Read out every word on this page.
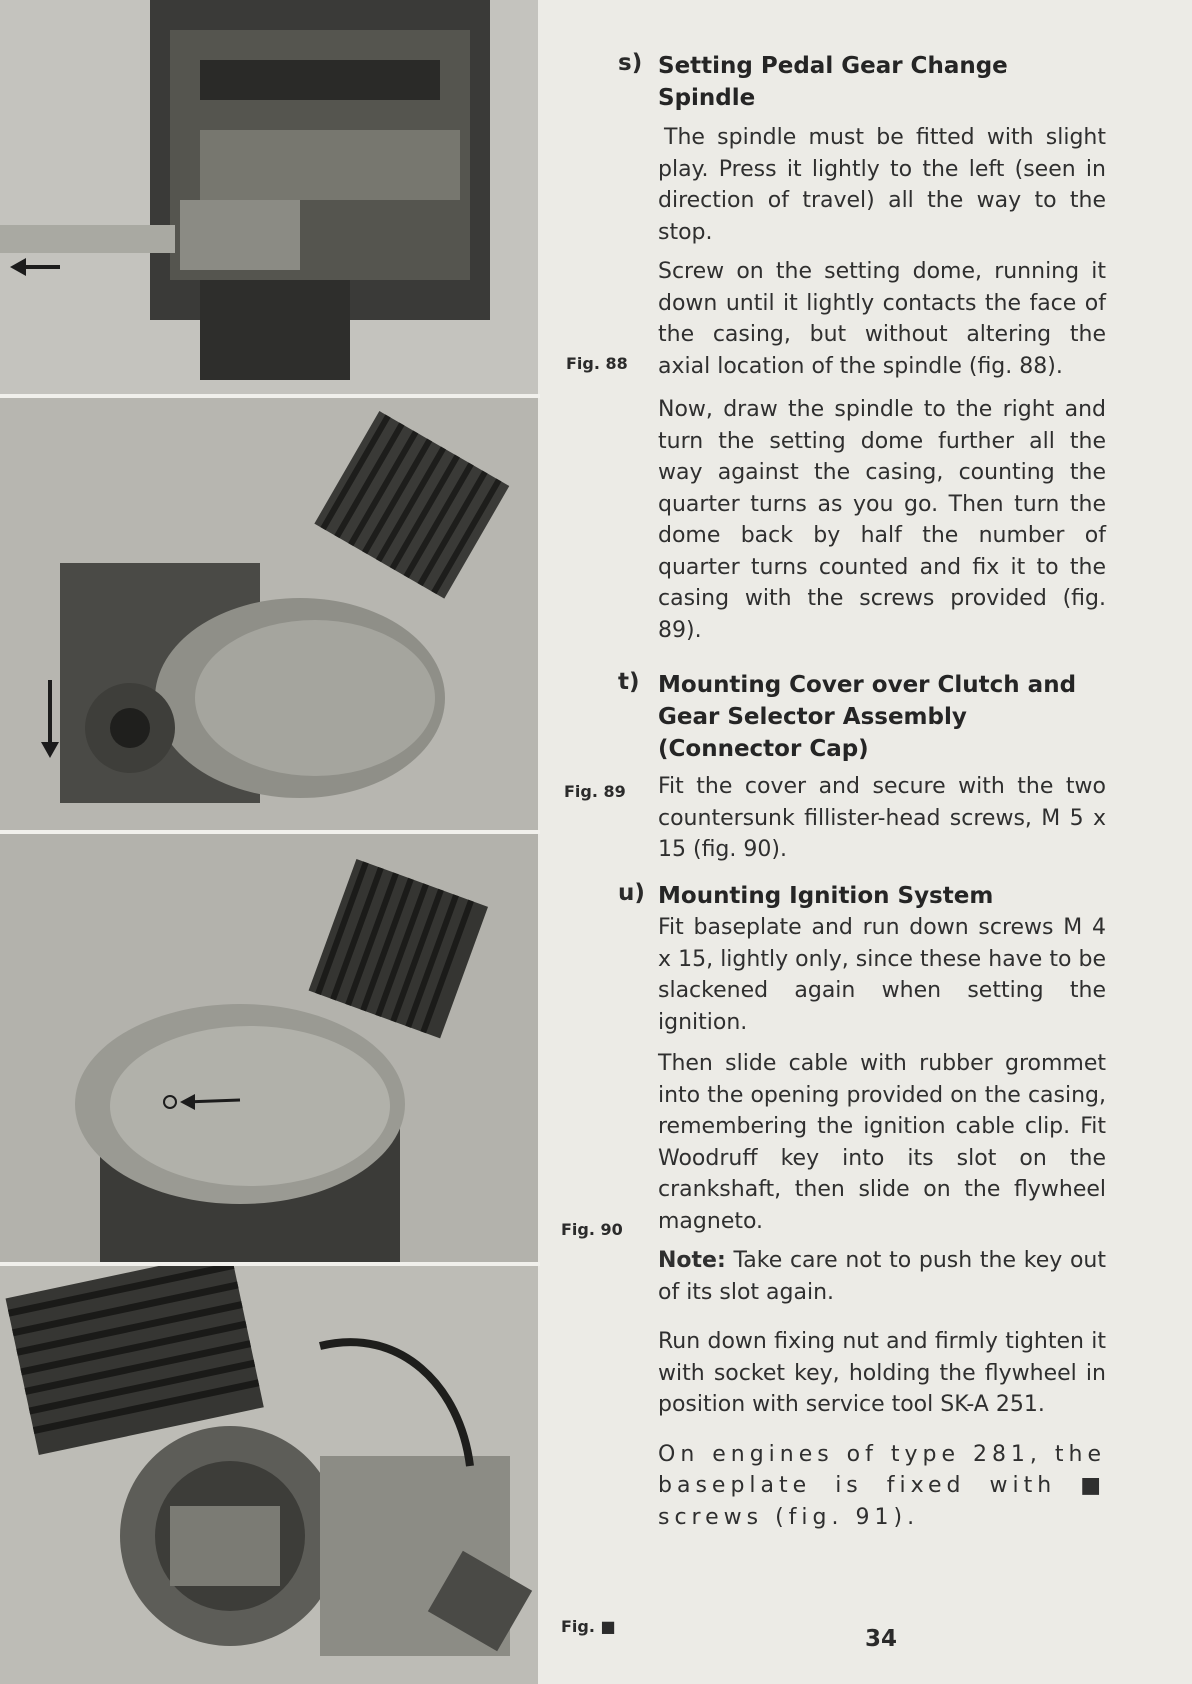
Fig. 88
Fig. 89
Fig. 90
Fig. ■
s) Setting Pedal Gear Change Spindle

The spindle must be fitted with slight play. Press it lightly to the left (seen in direction of travel) all the way to the stop.

Screw on the setting dome, running it down until it lightly contacts the face of the casing, but without altering the axial location of the spindle (fig. 88).

Now, draw the spindle to the right and turn the setting dome further all the way against the casing, counting the quarter turns as you go. Then turn the dome back by half the number of quarter turns counted and fix it to the casing with the screws provided (fig. 89).

t) Mounting Cover over Clutch and Gear Selector Assembly (Connector Cap)

Fit the cover and secure with the two countersunk fillister-head screws, M 5 x 15 (fig. 90).

u) Mounting Ignition System

Fit baseplate and run down screws M 4 x 15, lightly only, since these have to be slackened again when setting the ignition.

Then slide cable with rubber grommet into the opening provided on the casing, remembering the ignition cable clip. Fit Woodruff key into its slot on the crankshaft, then slide on the flywheel magneto.

Note: Take care not to push the key out of its slot again.

Run down fixing nut and firmly tighten it with socket key, holding the flywheel in position with service tool SK-A 251.

On engines of type 281, the baseplate is fixed with ■ screws (fig. 91).

34
